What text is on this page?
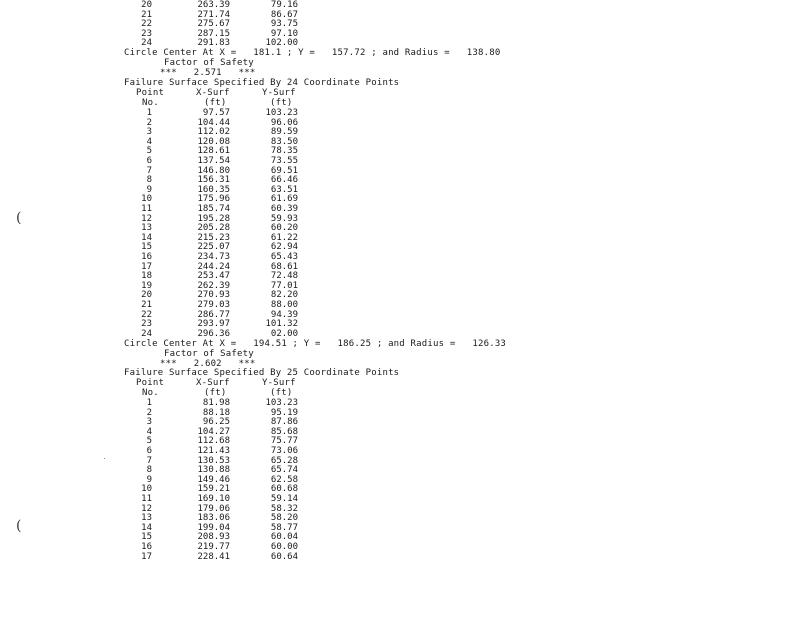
20	263.39	79.16
21	271.74	86.67
22	275.67	93.75
23	287.15	97.10
24	291.83	102.00
Circle Center At X =   181.1 ; Y =   157.72 ; and Radius =   138.80
Factor of Safety
***   2.571   ***
Failure Surface Specified By 24 Coordinate Points
Point	X-Surf	Y-Surf
No.	(ft)	(ft)
1	97.57	103.23
2	104.44	96.06
3	112.02	89.59
4	120.08	83.50
5	128.61	78.35
6	137.54	73.55
7	146.80	69.51
8	156.31	66.46
9	160.35	63.51
10	175.96	61.69
11	185.74	60.39
12	195.28	59.93
13	205.28	60.20
14	215.23	61.22
15	225.07	62.94
16	234.73	65.43
17	244.24	68.61
18	253.47	72.48
19	262.39	77.01
20	270.93	82.20
21	279.03	88.00
22	286.77	94.39
23	293.97	101.32
24	296.36	02.00
Circle Center At X =   194.51 ; Y =   186.25 ; and Radius =   126.33
Factor of Safety
***   2.602   ***
Failure Surface Specified By 25 Coordinate Points
Point	X-Surf	Y-Surf
No.	(ft)	(ft)
1	81.98	103.23
2	88.18	95.19
3	96.25	87.86
4	104.27	85.68
5	112.68	75.77
6	121.43	73.06
7	130.53	65.28
8	130.88	65.74
9	149.46	62.58
10	159.21	60.68
11	169.10	59.14
12	179.06	58.32
13	183.06	58.20
14	199.04	58.77
15	208.93	60.04
16	219.77	60.00
17	228.41	60.64
(
(
